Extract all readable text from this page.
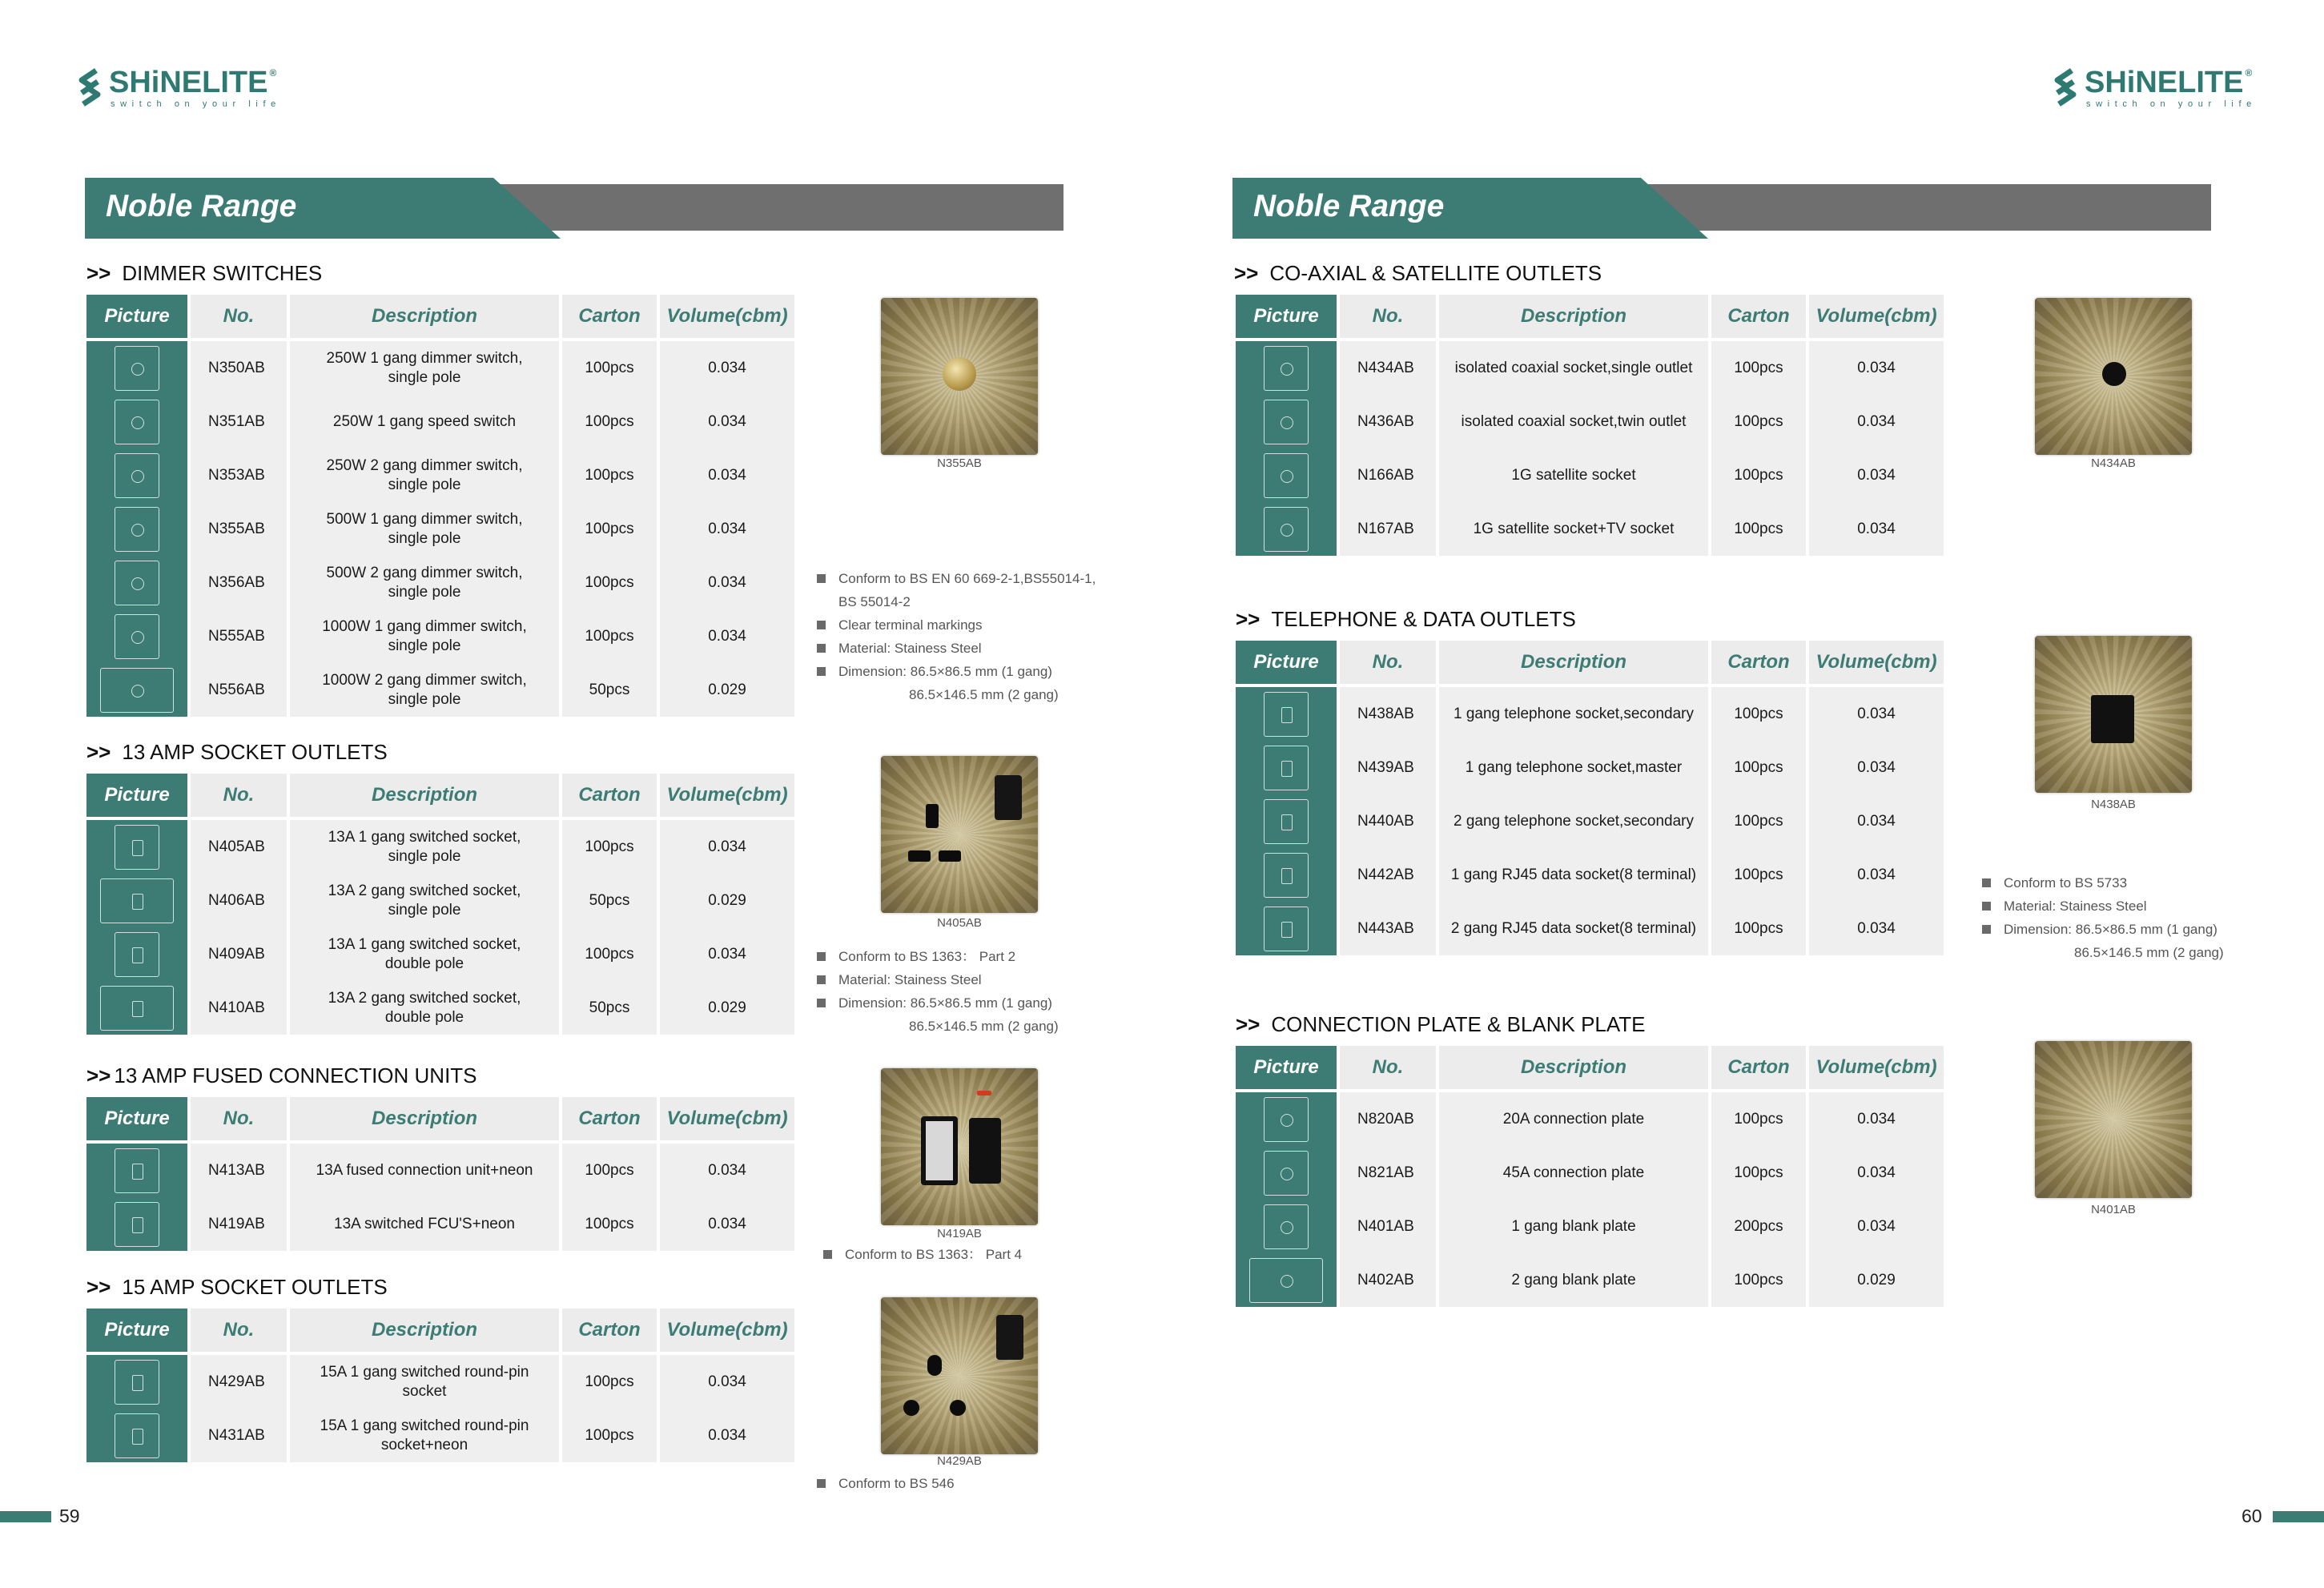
SHiNELITE ®
switch on your life
Noble Range
>> DIMMER SWITCHES
Picture	No.	Description	Carton	Volume(cbm)
	N350AB	250W 1 gang dimmer switch,
single pole	100pcs	0.034
	N351AB	250W 1 gang speed switch	100pcs	0.034
	N353AB	250W 2 gang dimmer switch,
single pole	100pcs	0.034
	N355AB	500W 1 gang dimmer switch,
single pole	100pcs	0.034
	N356AB	500W 2 gang dimmer switch,
single pole	100pcs	0.034
	N555AB	1000W 1 gang dimmer switch,
single pole	100pcs	0.034
	N556AB	1000W 2 gang dimmer switch,
single pole	50pcs	0.029
>> 13 AMP SOCKET OUTLETS
Picture	No.	Description	Carton	Volume(cbm)
	N405AB	13A 1 gang switched socket,
single pole	100pcs	0.034
	N406AB	13A 2 gang switched socket,
single pole	50pcs	0.029
	N409AB	13A 1 gang switched socket,
double pole	100pcs	0.034
	N410AB	13A 2 gang switched socket,
double pole	50pcs	0.029
>> 13 AMP FUSED CONNECTION UNITS
Picture	No.	Description	Carton	Volume(cbm)
	N413AB	13A fused connection unit+neon	100pcs	0.034
	N419AB	13A switched FCU'S+neon	100pcs	0.034
>> 15 AMP SOCKET OUTLETS
Picture	No.	Description	Carton	Volume(cbm)
	N429AB	15A 1 gang switched round-pin
socket	100pcs	0.034
	N431AB	15A 1 gang switched round-pin
socket+neon	100pcs	0.034
N355AB
Conform to BS EN 60 669-2-1,BS55014-1,
BS 55014-2
Clear terminal markings
Material: Stainess Steel
Dimension: 86.5×86.5 mm (1 gang)
86.5×146.5 mm (2 gang)
N405AB
Conform to BS 1363： Part 2
Material: Stainess Steel
Dimension: 86.5×86.5 mm (1 gang)
86.5×146.5 mm (2 gang)
N419AB
Conform to BS 1363： Part 4
N429AB
Conform to BS 546
59
SHiNELITE ®
switch on your life
Noble Range
>> CO-AXIAL & SATELLITE OUTLETS
Picture	No.	Description	Carton	Volume(cbm)
	N434AB	isolated coaxial socket,single outlet	100pcs	0.034
	N436AB	isolated coaxial socket,twin outlet	100pcs	0.034
	N166AB	1G satellite socket	100pcs	0.034
	N167AB	1G satellite socket+TV socket	100pcs	0.034
>> TELEPHONE & DATA OUTLETS
Picture	No.	Description	Carton	Volume(cbm)
	N438AB	1 gang telephone socket,secondary	100pcs	0.034
	N439AB	1 gang telephone socket,master	100pcs	0.034
	N440AB	2 gang telephone socket,secondary	100pcs	0.034
	N442AB	1 gang RJ45 data socket(8 terminal)	100pcs	0.034
	N443AB	2 gang RJ45 data socket(8 terminal)	100pcs	0.034
>> CONNECTION PLATE & BLANK PLATE
Picture	No.	Description	Carton	Volume(cbm)
	N820AB	20A connection plate	100pcs	0.034
	N821AB	45A connection plate	100pcs	0.034
	N401AB	1 gang blank plate	200pcs	0.034
	N402AB	2 gang blank plate	100pcs	0.029
N434AB
N438AB
Conform to BS 5733
Material: Stainess Steel
Dimension: 86.5×86.5 mm (1 gang)
86.5×146.5 mm (2 gang)
N401AB
60
